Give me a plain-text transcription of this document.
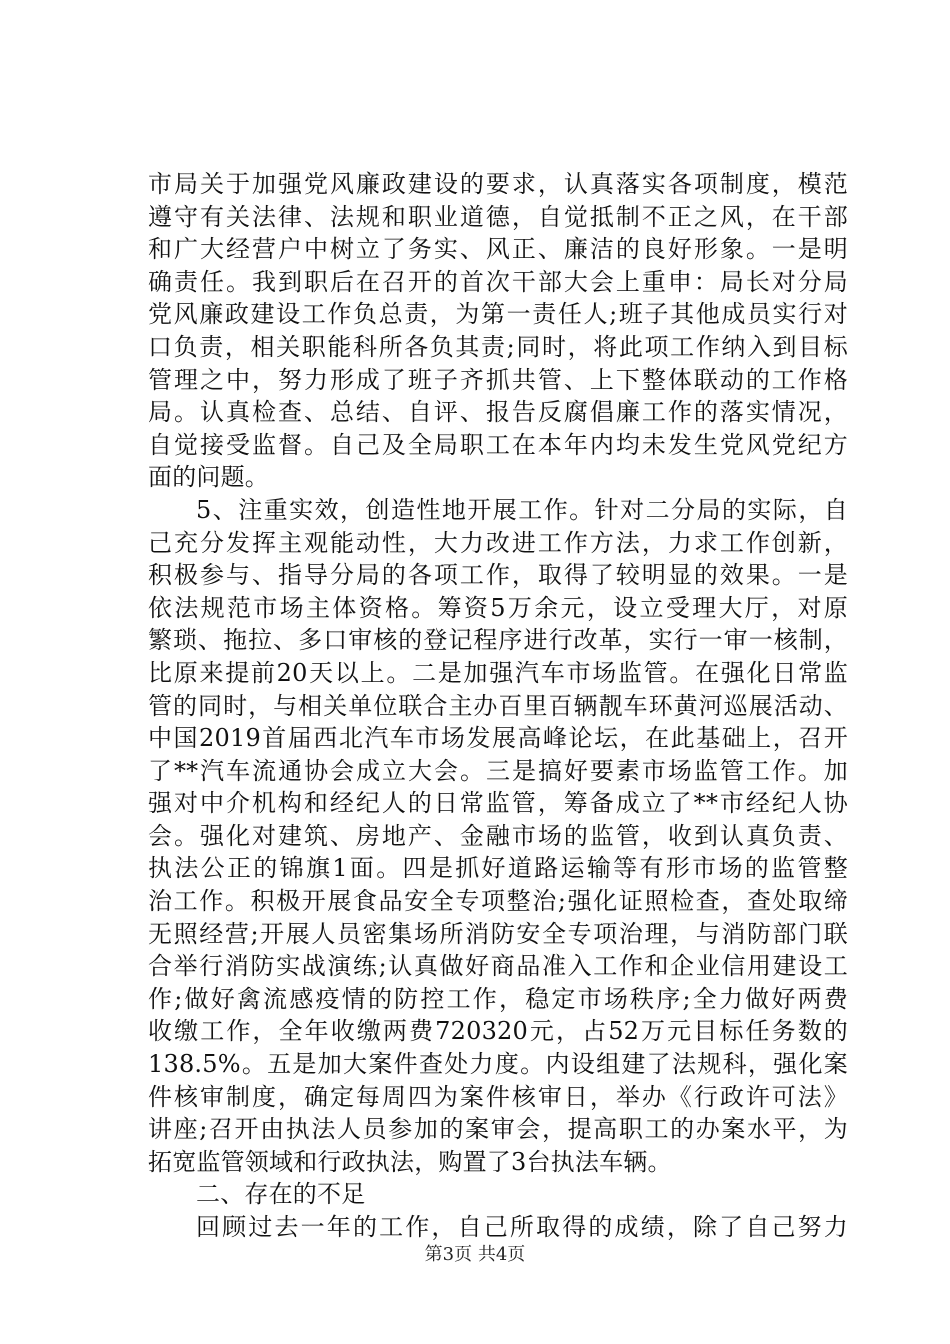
市局关于加强党风廉政建设的要求，认真落实各项制度，模范
遵守有关法律、法规和职业道德，自觉抵制不正之风，在干部
和广大经营户中树立了务实、风正、廉洁的良好形象。一是明
确责任。我到职后在召开的首次干部大会上重申：局长对分局
党风廉政建设工作负总责，为第一责任人;班子其他成员实行对
口负责，相关职能科所各负其责;同时，将此项工作纳入到目标
管理之中，努力形成了班子齐抓共管、上下整体联动的工作格
局。认真检查、总结、自评、报告反腐倡廉工作的落实情况，
自觉接受监督。自己及全局职工在本年内均未发生党风党纪方
面的问题。
5、注重实效，创造性地开展工作。针对二分局的实际，自
己充分发挥主观能动性，大力改进工作方法，力求工作创新，
积极参与、指导分局的各项工作，取得了较明显的效果。一是
依法规范市场主体资格。筹资5万余元，设立受理大厅，对原
繁琐、拖拉、多口审核的登记程序进行改革，实行一审一核制，
比原来提前20天以上。二是加强汽车市场监管。在强化日常监
管的同时，与相关单位联合主办百里百辆靓车环黄河巡展活动、
中国2019首届西北汽车市场发展高峰论坛，在此基础上，召开
了**汽车流通协会成立大会。三是搞好要素市场监管工作。加
强对中介机构和经纪人的日常监管，筹备成立了**市经纪人协
会。强化对建筑、房地产、金融市场的监管，收到认真负责、
执法公正的锦旗1面。四是抓好道路运输等有形市场的监管整
治工作。积极开展食品安全专项整治;强化证照检查，查处取缔
无照经营;开展人员密集场所消防安全专项治理，与消防部门联
合举行消防实战演练;认真做好商品准入工作和企业信用建设工
作;做好禽流感疫情的防控工作，稳定市场秩序;全力做好两费
收缴工作，全年收缴两费720320元，占52万元目标任务数的
138.5%。五是加大案件查处力度。内设组建了法规科，强化案
件核审制度，确定每周四为案件核审日，举办《行政许可法》
讲座;召开由执法人员参加的案审会，提高职工的办案水平，为
拓宽监管领域和行政执法，购置了3台执法车辆。
二、存在的不足
回顾过去一年的工作，自己所取得的成绩，除了自己努力
第3页 共4页
